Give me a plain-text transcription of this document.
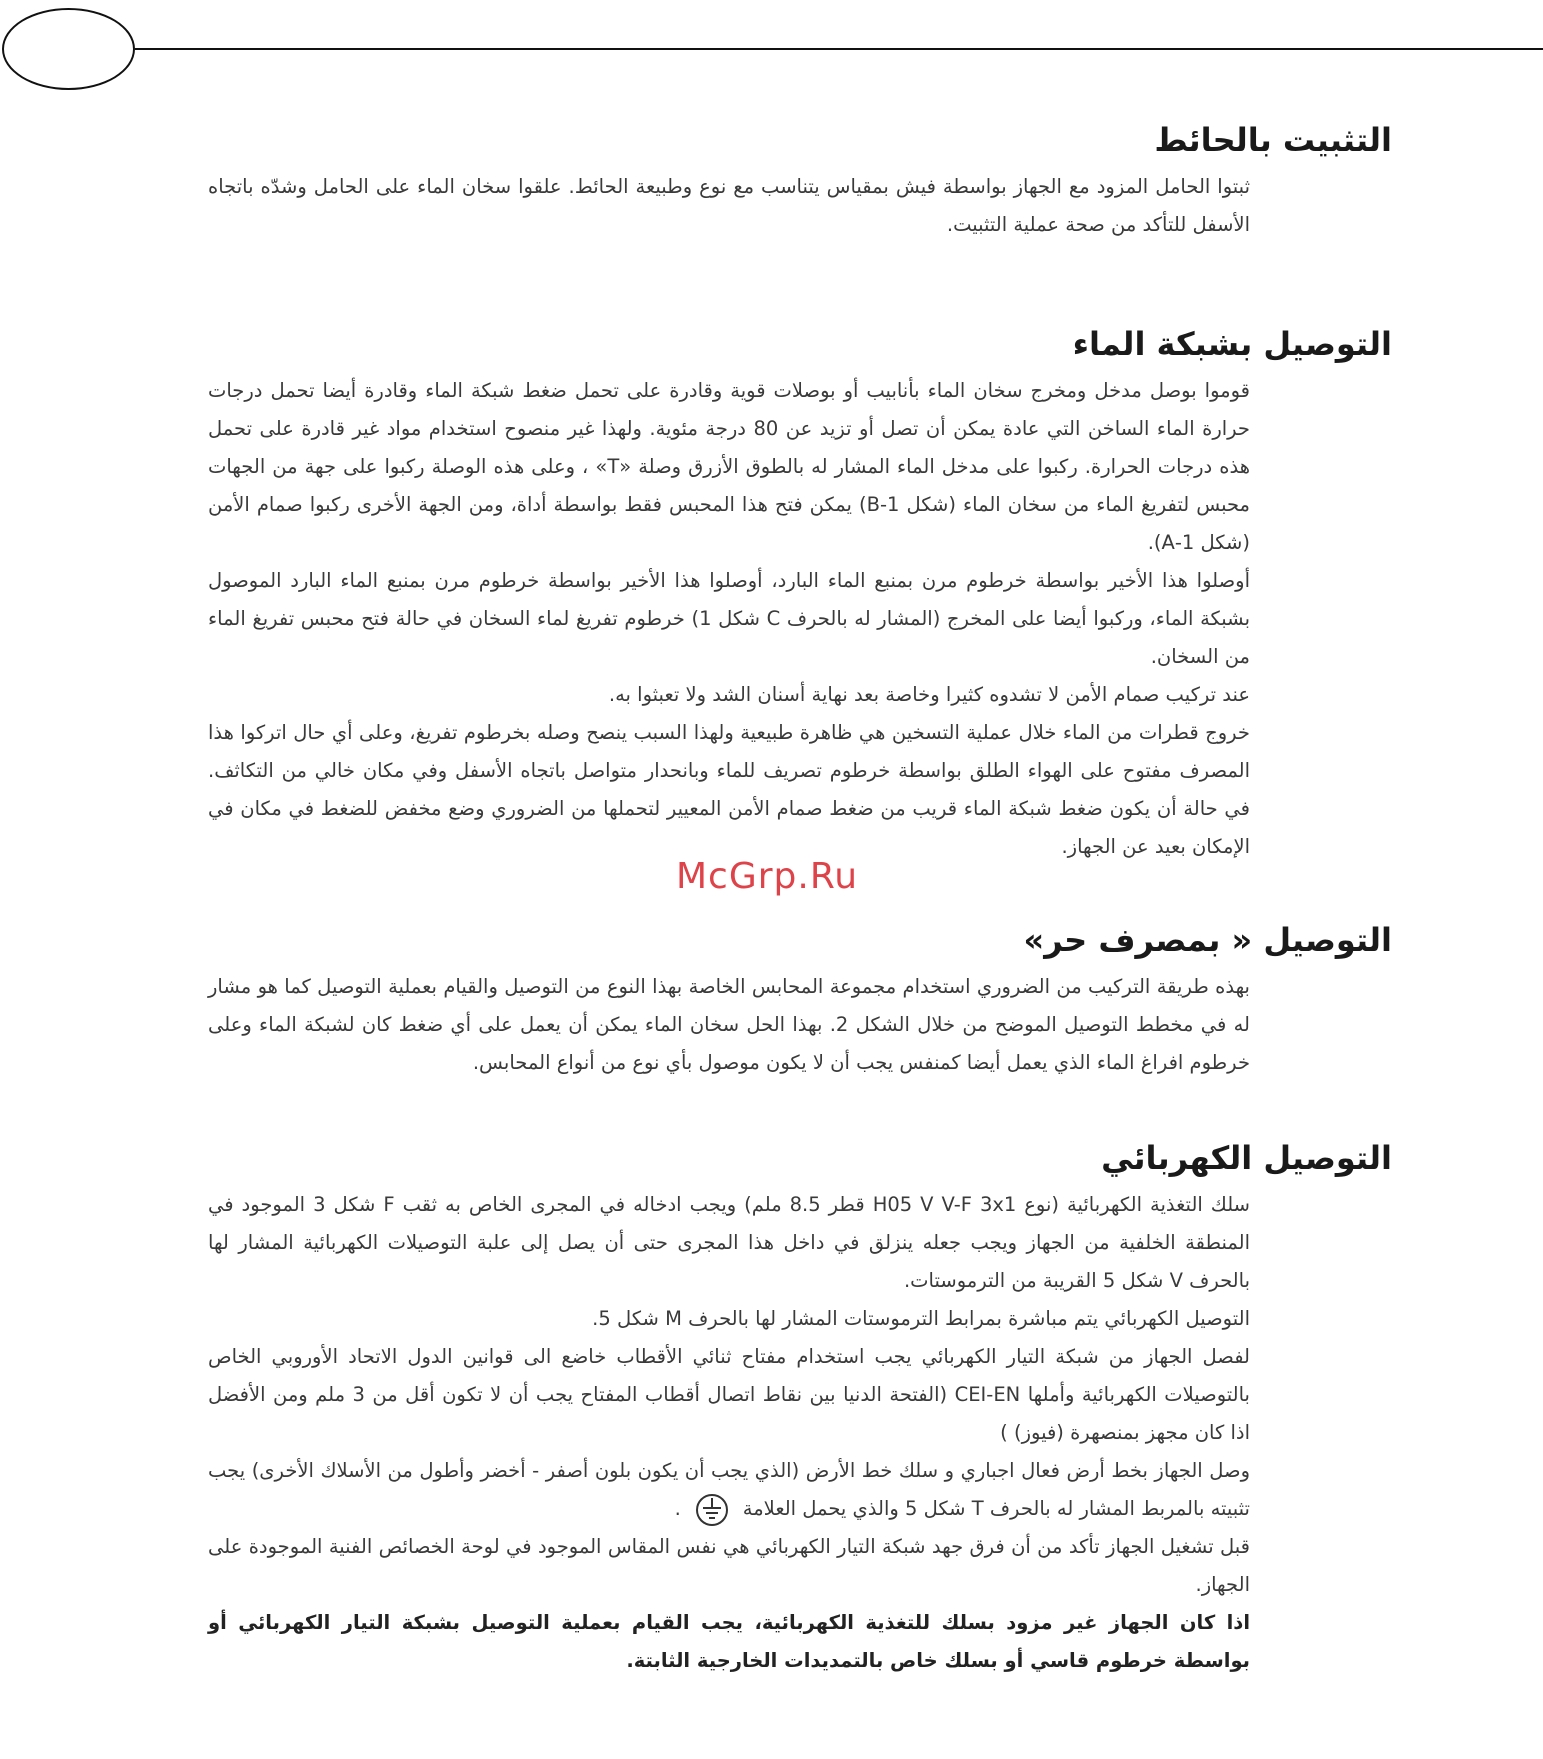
التثبيت بالحائط

ثبتوا الحامل المزود مع الجهاز بواسطة فيش بمقياس يتناسب مع نوع وطبيعة الحائط. علقوا سخان الماء على الحامل وشدّه باتجاه الأسفل للتأكد من صحة عملية التثبيت.

التوصيل بشبكة الماء

قوموا بوصل مدخل ومخرج سخان الماء بأنابيب أو بوصلات قوية وقادرة على تحمل ضغط شبكة الماء وقادرة أيضا تحمل درجات حرارة الماء الساخن التي عادة يمكن أن تصل أو تزيد عن 80 درجة مئوية. ولهذا غير منصوح استخدام مواد غير قادرة على تحمل هذه درجات الحرارة. ركبوا على مدخل الماء المشار له بالطوق الأزرق وصلة «T» ، وعلى هذه الوصلة ركبوا على جهة من الجهات محبس لتفريغ الماء من سخان الماء (شكل 1-B) يمكن فتح هذا المحبس فقط بواسطة أداة، ومن الجهة الأخرى ركبوا صمام الأمن (شكل 1-A).

أوصلوا هذا الأخير بواسطة خرطوم مرن بمنبع الماء البارد، أوصلوا هذا الأخير بواسطة خرطوم مرن بمنبع الماء البارد الموصول بشبكة الماء، وركبوا أيضا على المخرج (المشار له بالحرف C شكل 1) خرطوم تفريغ لماء السخان في حالة فتح محبس تفريغ الماء من السخان.

عند تركيب صمام الأمن لا تشدوه كثيرا وخاصة بعد نهاية أسنان الشد ولا تعبثوا به.

خروج قطرات من الماء خلال عملية التسخين هي ظاهرة طبيعية ولهذا السبب ينصح وصله بخرطوم تفريغ، وعلى أي حال اتركوا هذا المصرف مفتوح على الهواء الطلق بواسطة خرطوم تصريف للماء وبانحدار متواصل باتجاه الأسفل وفي مكان خالي من التكاثف. في حالة أن يكون ضغط شبكة الماء قريب من ضغط صمام الأمن المعيير لتحملها من الضروري وضع مخفض للضغط في مكان في الإمكان بعيد عن الجهاز.

التوصيل « بمصرف حر»

بهذه طريقة التركيب من الضروري استخدام مجموعة المحابس الخاصة بهذا النوع من التوصيل والقيام بعملية التوصيل كما هو مشار له في مخطط التوصيل الموضح من خلال الشكل 2. بهذا الحل سخان الماء يمكن أن يعمل على أي ضغط كان لشبكة الماء وعلى خرطوم افراغ الماء الذي يعمل أيضا كمنفس يجب أن لا يكون موصول بأي نوع من أنواع المحابس.

التوصيل الكهربائي

سلك التغذية الكهربائية (نوع H05 V V-F 3x1 قطر 8.5 ملم) ويجب ادخاله في المجرى الخاص به ثقب F شكل 3 الموجود في المنطقة الخلفية من الجهاز ويجب جعله ينزلق في داخل هذا المجرى حتى أن يصل إلى علبة التوصيلات الكهربائية المشار لها بالحرف V شكل 5 القريبة من الترموستات.

التوصيل الكهربائي يتم مباشرة بمرابط الترموستات المشار لها بالحرف M شكل 5.

لفصل الجهاز من شبكة التيار الكهربائي يجب استخدام مفتاح ثنائي الأقطاب خاضع الى قوانين الدول الاتحاد الأوروبي الخاص بالتوصيلات الكهربائية وأملها CEI-EN (الفتحة الدنيا بين نقاط اتصال أقطاب المفتاح يجب أن لا تكون أقل من 3 ملم ومن الأفضل اذا كان مجهز بمنصهرة (فيوز) )

وصل الجهاز بخط أرض فعال اجباري و سلك خط الأرض (الذي يجب أن يكون بلون أصفر - أخضر وأطول من الأسلاك الأخرى) يجب تثبيته بالمربط المشار له بالحرف T شكل 5 والذي يحمل العلامة.

قبل تشغيل الجهاز تأكد من أن فرق جهد شبكة التيار الكهربائي هي نفس المقاس الموجود في لوحة الخصائص الفنية الموجودة على الجهاز.

اذا كان الجهاز غير مزود بسلك للتغذية الكهربائية، يجب القيام بعملية التوصيل بشبكة التيار الكهربائي أو بواسطة خرطوم قاسي أو بسلك خاص بالتمديدات الخارجية الثابتة.

McGrp.Ru
